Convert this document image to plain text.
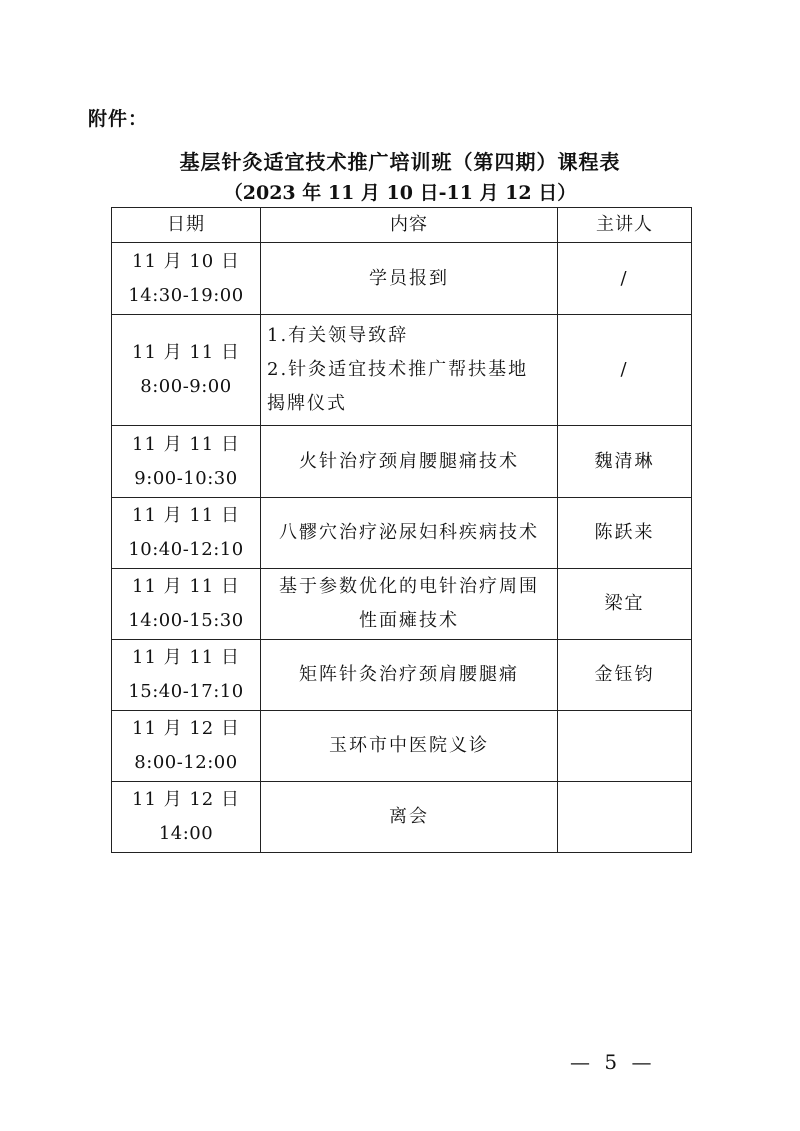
附件：
基层针灸适宜技术推广培训班（第四期）课程表
（2023 年 11 月 10 日-11 月 12 日）
日期	内容	主讲人

11 月 10 日
14:30-19:00	学员报到	/

11 月 11 日
8:00-9:00	1.有关领导致辞
2.针灸适宜技术推广帮扶基地
揭牌仪式	/

11 月 11 日
9:00-10:30	火针治疗颈肩腰腿痛技术	魏清琳

11 月 11 日
10:40-12:10	八髎穴治疗泌尿妇科疾病技术	陈跃来

11 月 11 日
14:00-15:30	基于参数优化的电针治疗周围
性面瘫技术	梁宜

11 月 11 日
15:40-17:10	矩阵针灸治疗颈肩腰腿痛	金钰钧

11 月 12 日
8:00-12:00	玉环市中医院义诊	

11 月 12 日
14:00	离会	

— 5 —
